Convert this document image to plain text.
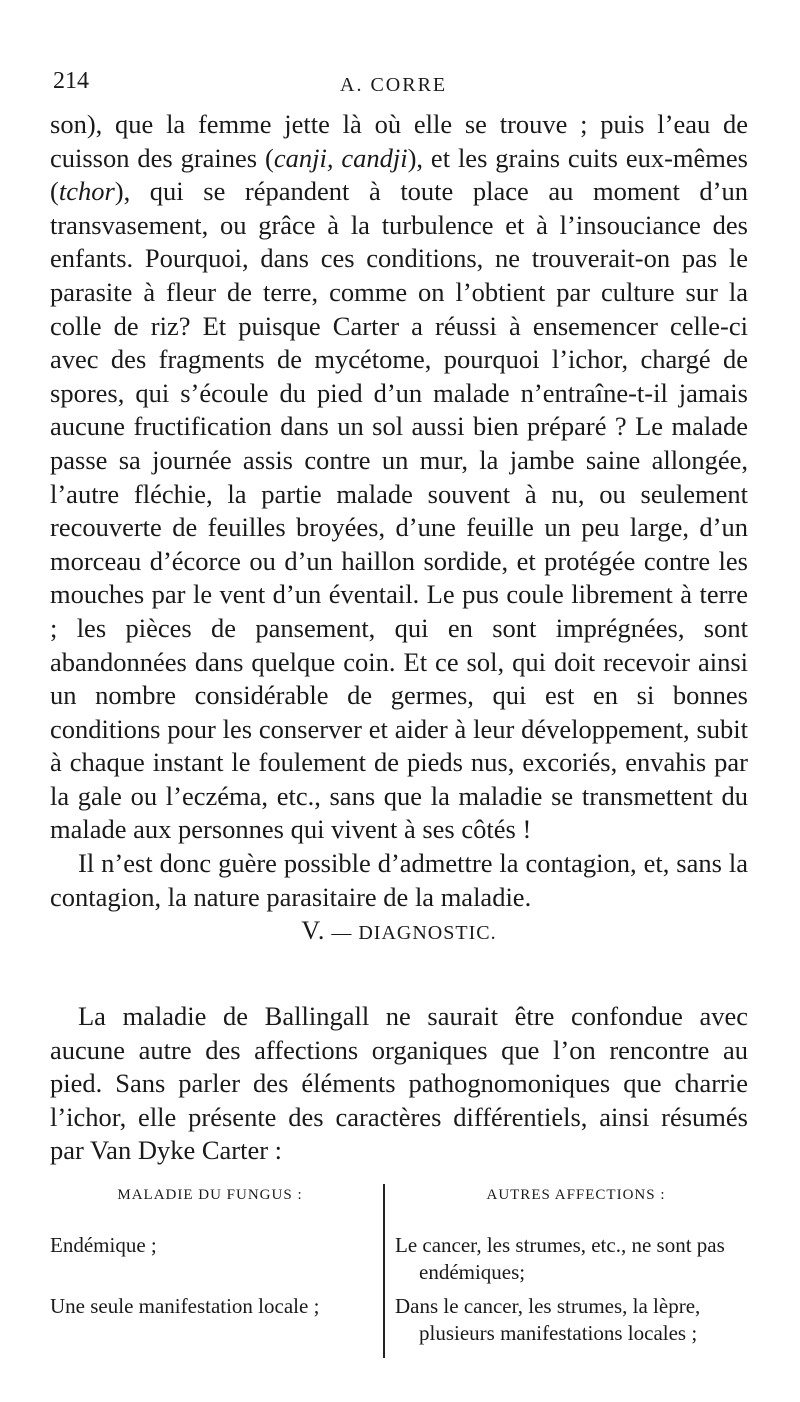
214	A. CORRE

son), que la femme jette là où elle se trouve ; puis l’eau de cuisson des graines (canji, candji), et les grains cuits eux-mêmes (tchor), qui se répandent à toute place au moment d’un transvasement, ou grâce à la turbulence et à l’insouciance des enfants. Pourquoi, dans ces conditions, ne trouverait-on pas le parasite à fleur de terre, comme on l’obtient par culture sur la colle de riz? Et puisque Carter a réussi à ensemencer celle-ci avec des fragments de mycétome, pourquoi l’ichor, chargé de spores, qui s’écoule du pied d’un malade n’entraîne-t-il jamais aucune fructification dans un sol aussi bien préparé ? Le malade passe sa journée assis contre un mur, la jambe saine allongée, l’autre fléchie, la partie malade souvent à nu, ou seulement recouverte de feuilles broyées, d’une feuille un peu large, d’un morceau d’écorce ou d’un haillon sordide, et protégée contre les mouches par le vent d’un éventail. Le pus coule librement à terre ; les pièces de pansement, qui en sont imprégnées, sont abandonnées dans quelque coin. Et ce sol, qui doit recevoir ainsi un nombre considérable de germes, qui est en si bonnes conditions pour les conserver et aider à leur développement, subit à chaque instant le foulement de pieds nus, excoriés, envahis par la gale ou l’eczéma, etc., sans que la maladie se transmettent du malade aux personnes qui vivent à ses côtés !

Il n’est donc guère possible d’admettre la contagion, et, sans la contagion, la nature parasitaire de la maladie.

V. — DIAGNOSTIC.

La maladie de Ballingall ne saurait être confondue avec aucune autre des affections organiques que l’on rencontre au pied. Sans parler des éléments pathognomoniques que charrie l’ichor, elle présente des caractères différentiels, ainsi résumés par Van Dyke Carter :

MALADIE DU FUNGUS :
Endémique ;
Une seule manifestation locale ;
AUTRES AFFECTIONS :
Le cancer, les strumes, etc., ne sont pas endémiques;
Dans le cancer, les strumes, la lèpre, plusieurs manifestations locales ;
